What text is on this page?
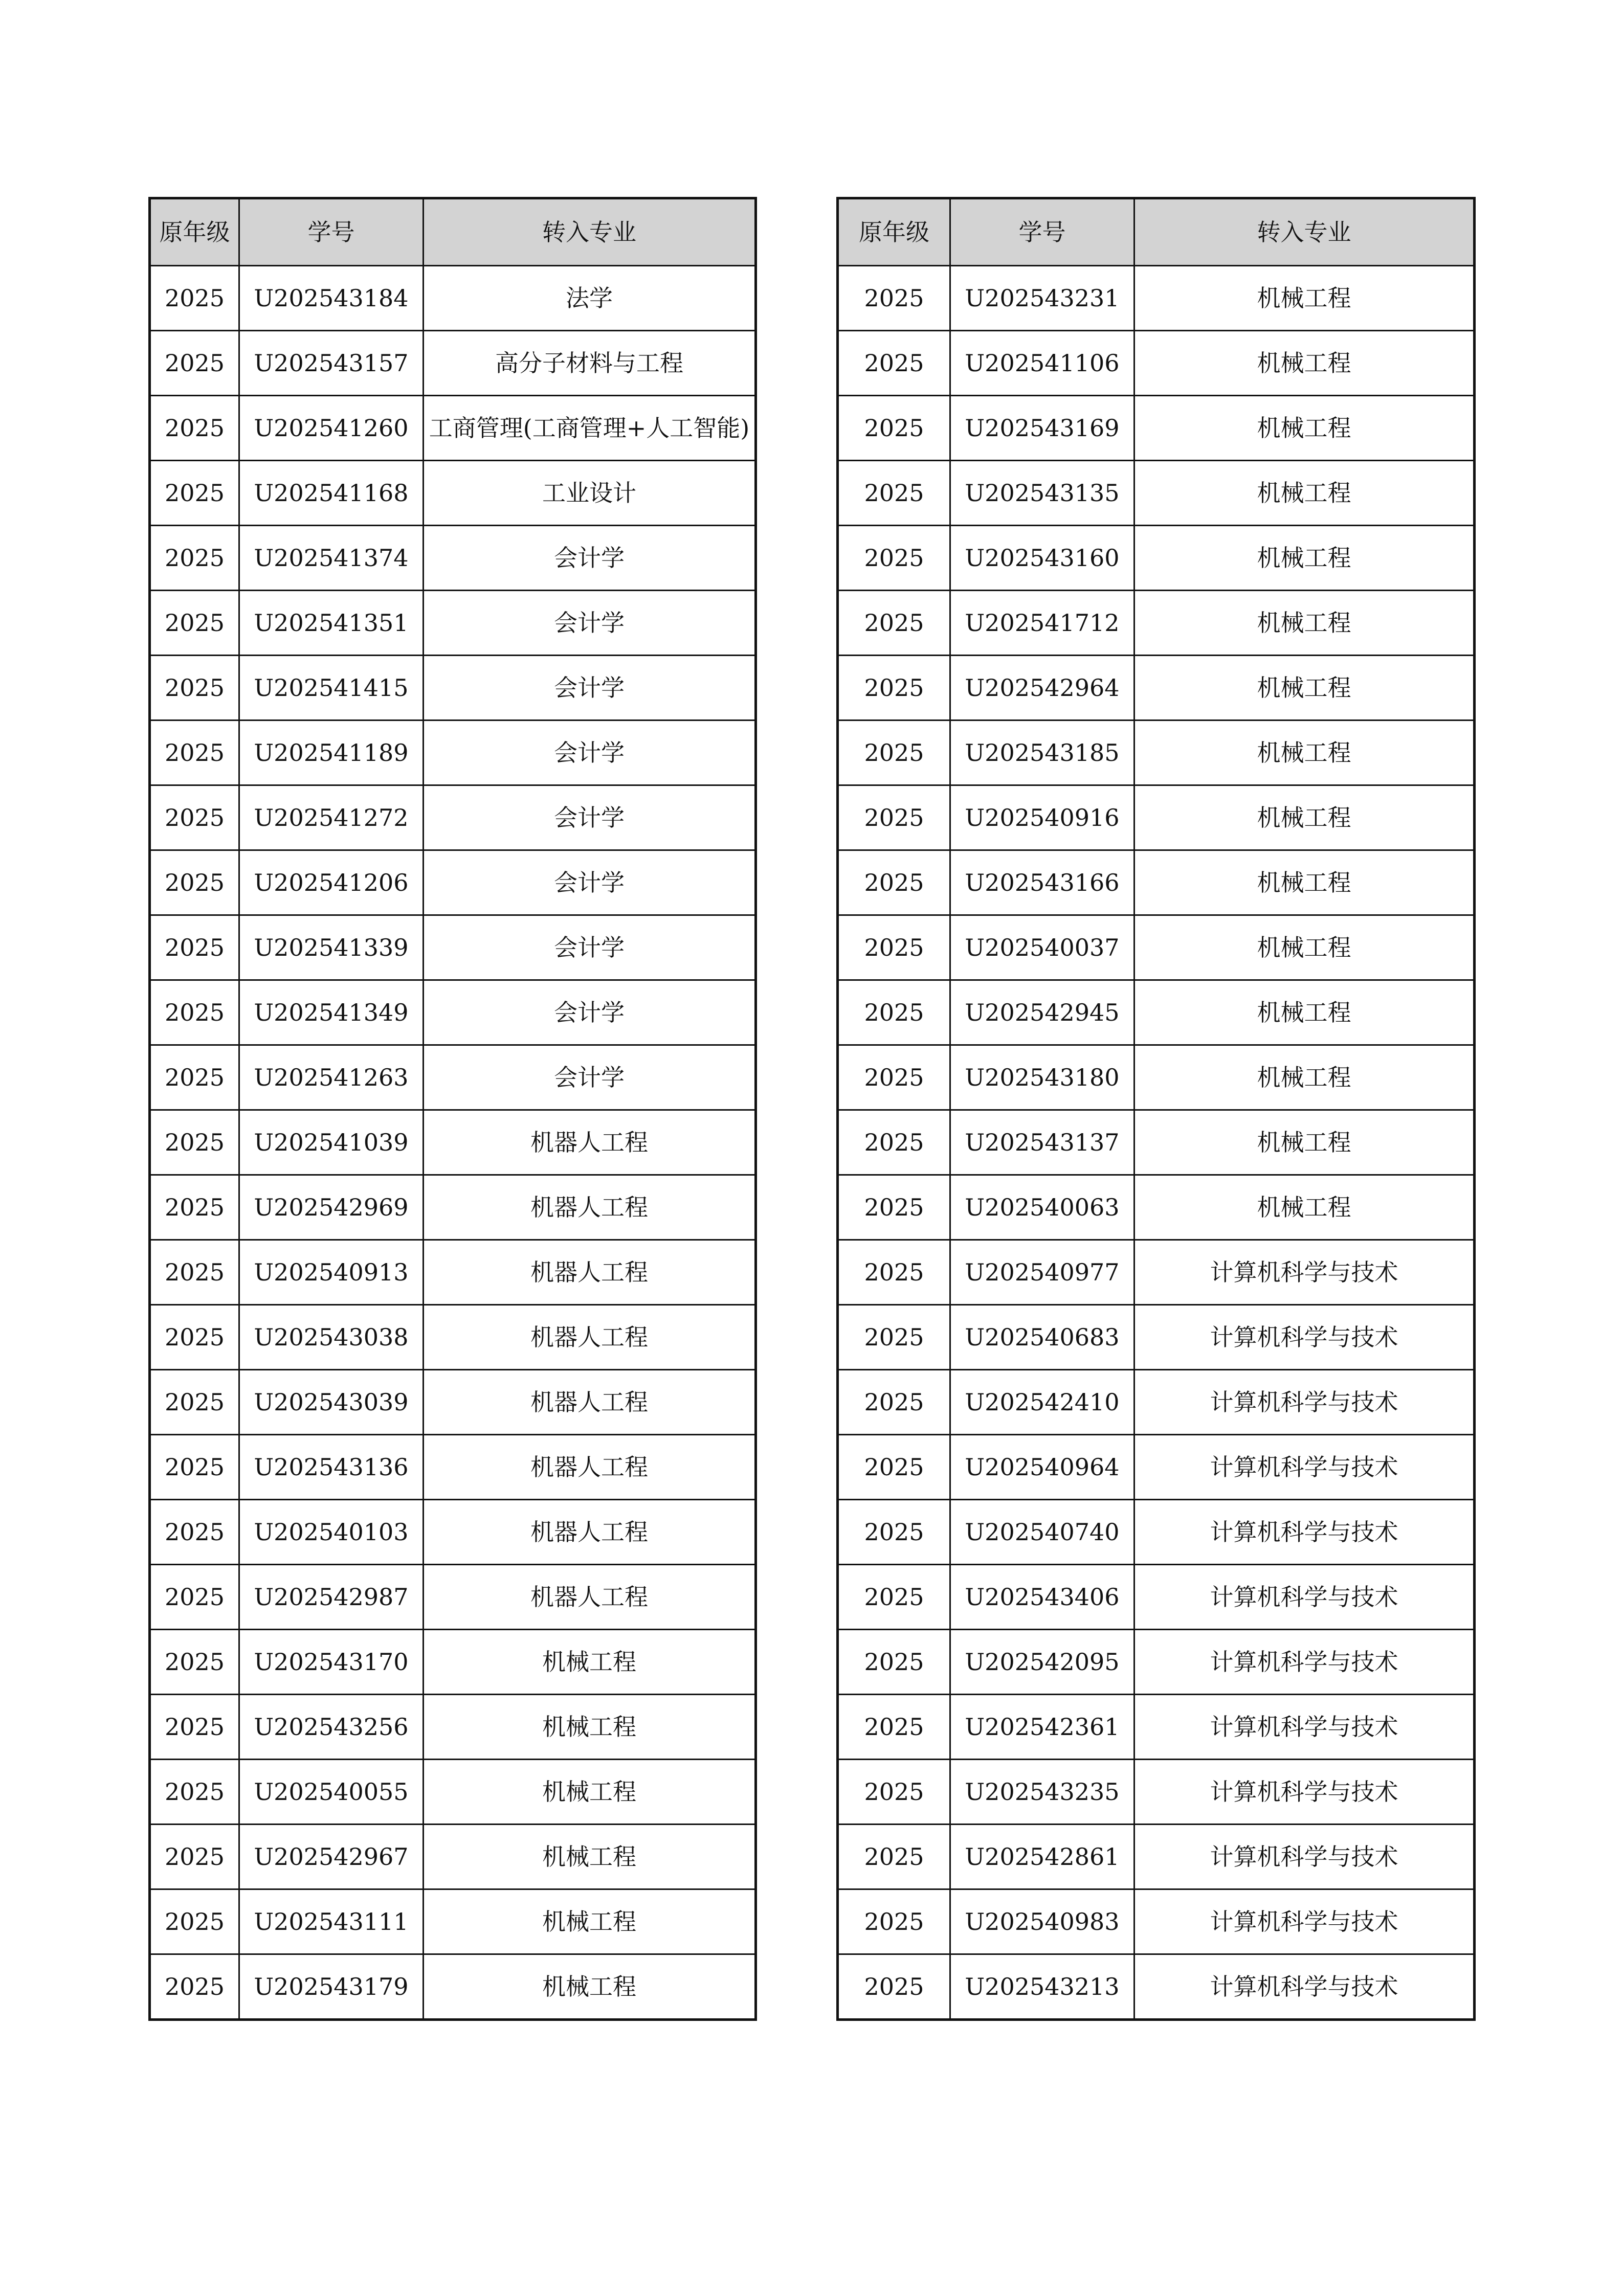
原年级	学号	转入专业
2025	U202543184	法学
2025	U202543157	高分子材料与工程
2025	U202541260	工商管理(工商管理+人工智能)
2025	U202541168	工业设计
2025	U202541374	会计学
2025	U202541351	会计学
2025	U202541415	会计学
2025	U202541189	会计学
2025	U202541272	会计学
2025	U202541206	会计学
2025	U202541339	会计学
2025	U202541349	会计学
2025	U202541263	会计学
2025	U202541039	机器人工程
2025	U202542969	机器人工程
2025	U202540913	机器人工程
2025	U202543038	机器人工程
2025	U202543039	机器人工程
2025	U202543136	机器人工程
2025	U202540103	机器人工程
2025	U202542987	机器人工程
2025	U202543170	机械工程
2025	U202543256	机械工程
2025	U202540055	机械工程
2025	U202542967	机械工程
2025	U202543111	机械工程
2025	U202543179	机械工程
原年级	学号	转入专业
2025	U202543231	机械工程
2025	U202541106	机械工程
2025	U202543169	机械工程
2025	U202543135	机械工程
2025	U202543160	机械工程
2025	U202541712	机械工程
2025	U202542964	机械工程
2025	U202543185	机械工程
2025	U202540916	机械工程
2025	U202543166	机械工程
2025	U202540037	机械工程
2025	U202542945	机械工程
2025	U202543180	机械工程
2025	U202543137	机械工程
2025	U202540063	机械工程
2025	U202540977	计算机科学与技术
2025	U202540683	计算机科学与技术
2025	U202542410	计算机科学与技术
2025	U202540964	计算机科学与技术
2025	U202540740	计算机科学与技术
2025	U202543406	计算机科学与技术
2025	U202542095	计算机科学与技术
2025	U202542361	计算机科学与技术
2025	U202543235	计算机科学与技术
2025	U202542861	计算机科学与技术
2025	U202540983	计算机科学与技术
2025	U202543213	计算机科学与技术
